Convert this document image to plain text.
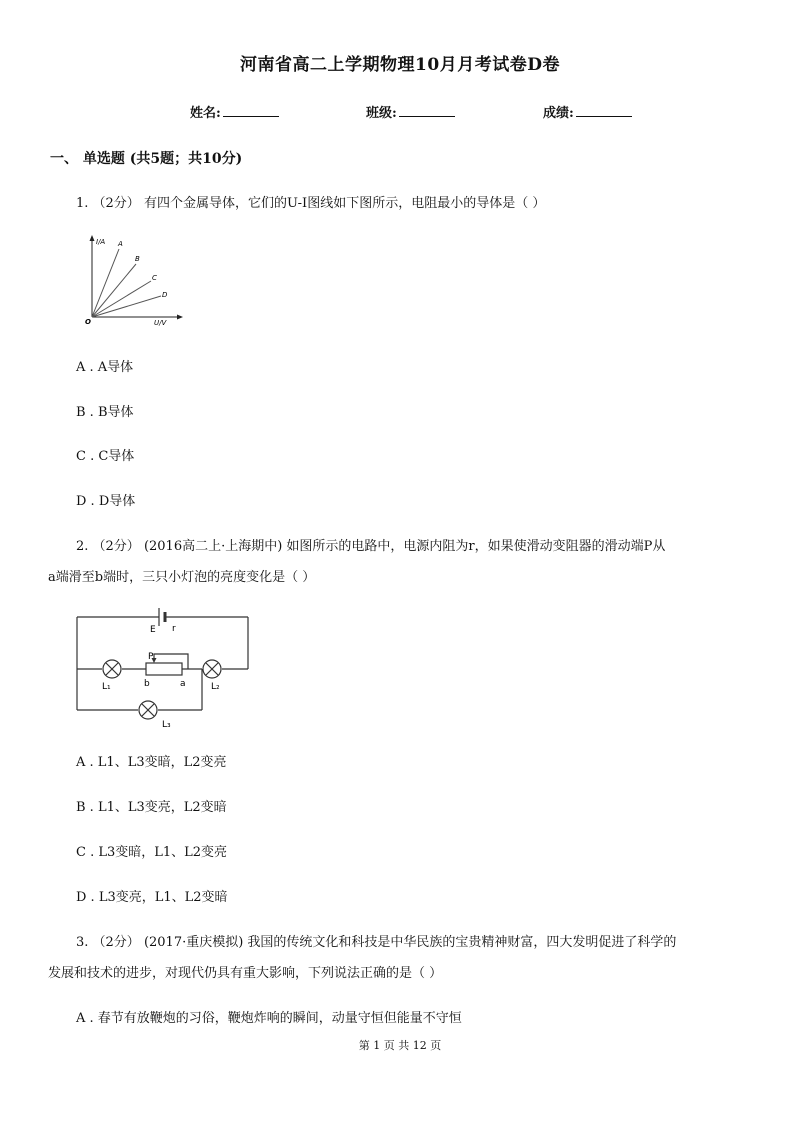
河南省高二上学期物理10月月考试卷D卷
姓名:	班级:	成绩:
一、 单选题 (共5题；共10分)
1. （2分） 有四个金属导体，它们的U-I图线如下图所示，电阻最小的导体是（ ）
I/A
U/V
O
A
B
C
D
A . A导体
B . B导体
C . C导体
D . D导体
2. （2分） (2016高二上·上海期中) 如图所示的电路中，电源内阻为r，如果使滑动变阻器的滑动端P从
a端滑至b端时，三只小灯泡的亮度变化是（ ）
E r
P
b	a
L₁	L₂
L₃
A . L1、L3变暗，L2变亮
B . L1、L3变亮，L2变暗
C . L3变暗，L1、L2变亮
D . L3变亮，L1、L2变暗
3. （2分） (2017·重庆模拟) 我国的传统文化和科技是中华民族的宝贵精神财富，四大发明促进了科学的
发展和技术的进步，对现代仍具有重大影响，下列说法正确的是（ ）
A . 春节有放鞭炮的习俗，鞭炮炸响的瞬间，动量守恒但能量不守恒
第 1 页 共 12 页
